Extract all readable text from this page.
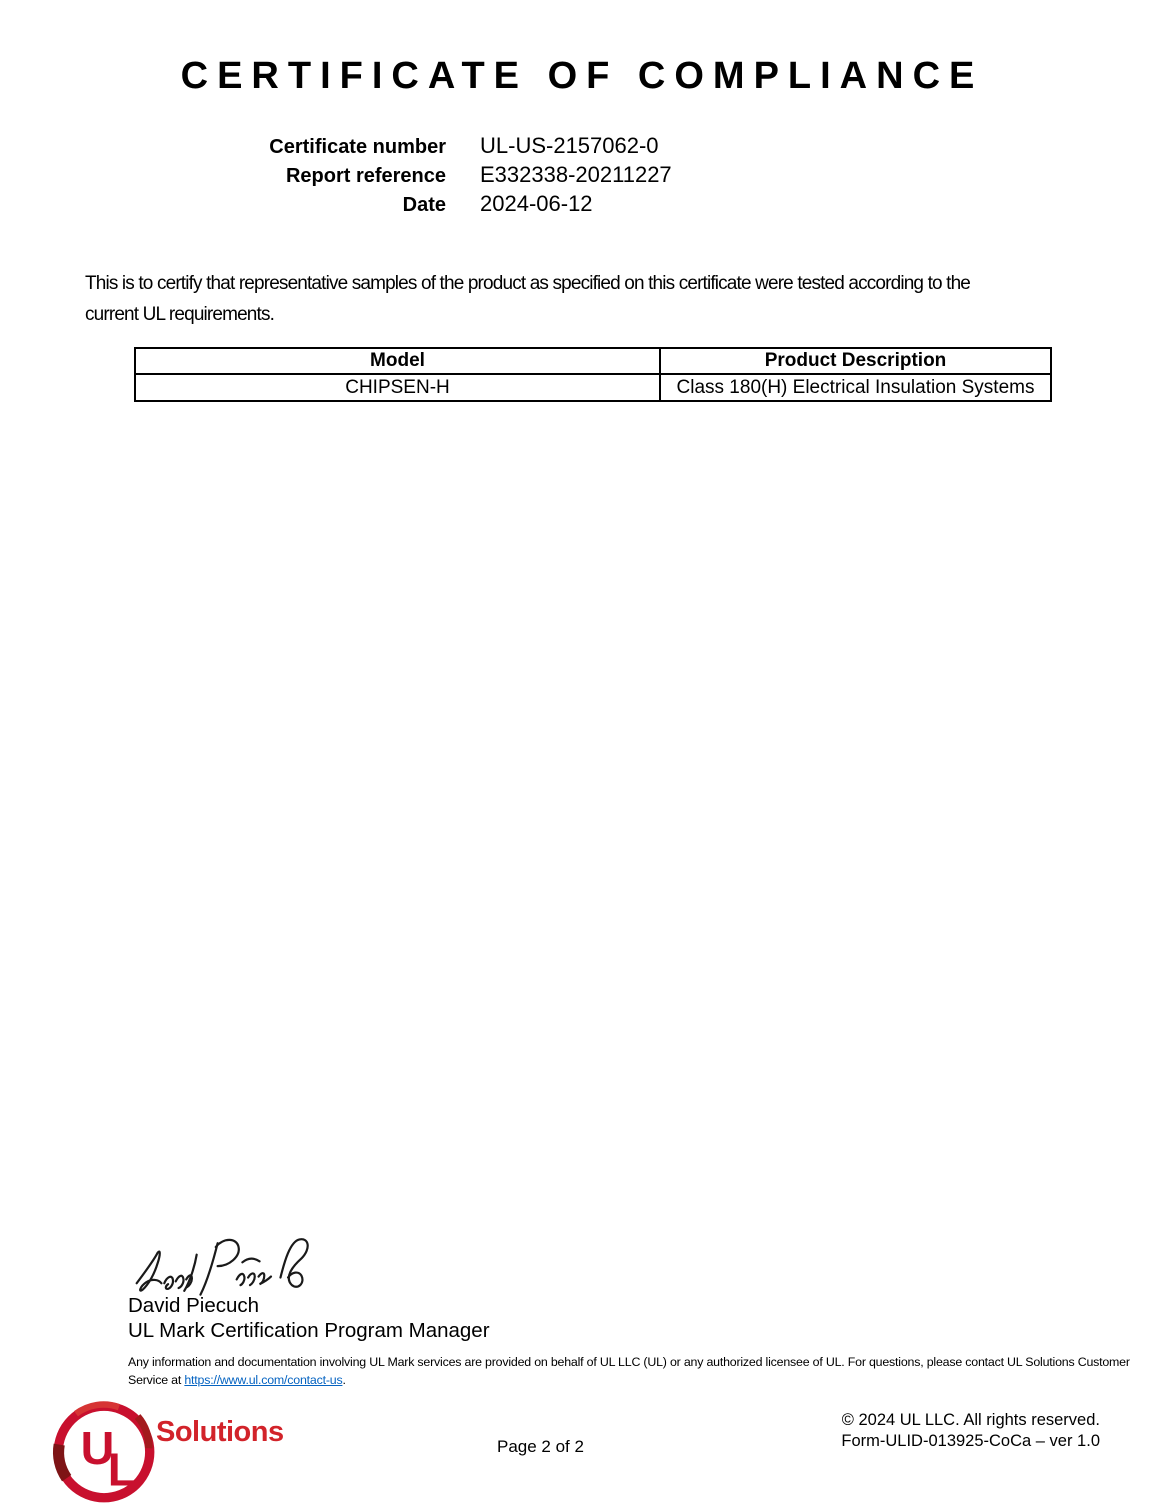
CERTIFICATE OF COMPLIANCE
Certificate number UL-US-2157062-0
Report reference E332338-20211227
Date 2024-06-12
This is to certify that representative samples of the product as specified on this certificate were tested according to the
current UL requirements.
Model	Product Description
CHIPSEN-H	Class 180(H) Electrical Insulation Systems
David Piecuch
UL Mark Certification Program Manager
Any information and documentation involving UL Mark services are provided on behalf of UL LLC (UL) or any authorized licensee of UL. For questions, please contact UL Solutions Customer
Service at https://www.ul.com/contact-us.
U
L
Solutions	Page 2 of 2
© 2024 UL LLC. All rights reserved.
Form-ULID-013925-CoCa – ver 1.0
